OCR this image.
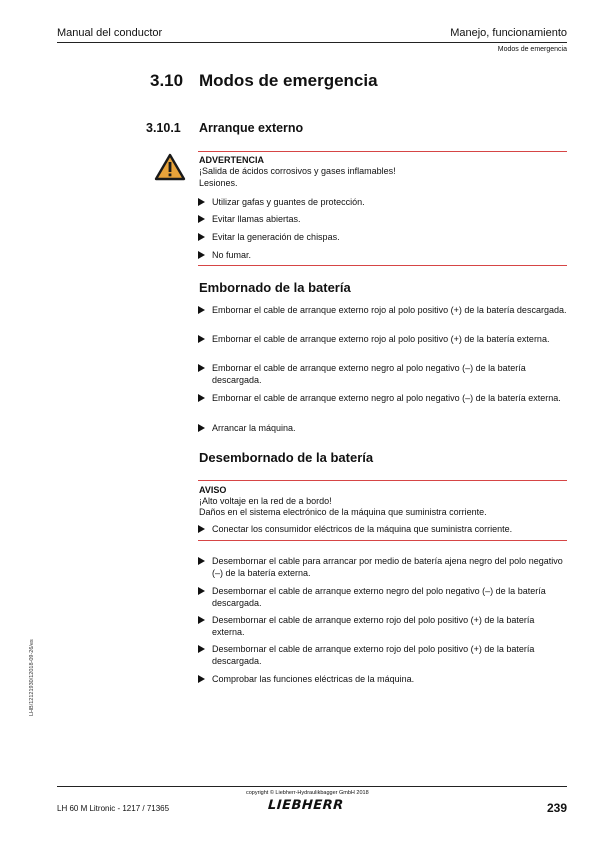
Manual del conductor	Manejo, funcionamiento
Modos de emergencia
3.10 Modos de emergencia
3.10.1 Arranque externo
ADVERTENCIA
¡Salida de ácidos corrosivos y gases inflamables!
Lesiones.
Utilizar gafas y guantes de protección.
Evitar llamas abiertas.
Evitar la generación de chispas.
No fumar.
Embornado de la batería
Embornar el cable de arranque externo rojo al polo positivo (+) de la batería descargada.
Embornar el cable de arranque externo rojo al polo positivo (+) de la batería externa.
Embornar el cable de arranque externo negro al polo negativo (–) de la batería descargada.
Embornar el cable de arranque externo negro al polo negativo (–) de la batería externa.
Arrancar la máquina.
Desembornado de la batería
AVISO
¡Alto voltaje en la red de a bordo!
Daños en el sistema electrónico de la máquina que suministra corriente.
Conectar los consumidor eléctricos de la máquina que suministra corriente.
Desembornar el cable para arrancar por medio de batería ajena negro del polo negativo (–) de la batería externa.
Desembornar el cable de arranque externo negro del polo negativo (–) de la batería descargada.
Desembornar el cable de arranque externo rojo del polo positivo (+) de la batería externa.
Desembornar el cable de arranque externo rojo del polo positivo (+) de la batería descargada.
Comprobar las funciones eléctricas de la máquina.
LHB/12121930/12018-09-26/es
copyright © Liebherr-Hydraulikbagger GmbH 2018
LH 60 M Litronic - 1217 / 71365	LIEBHERR	239
